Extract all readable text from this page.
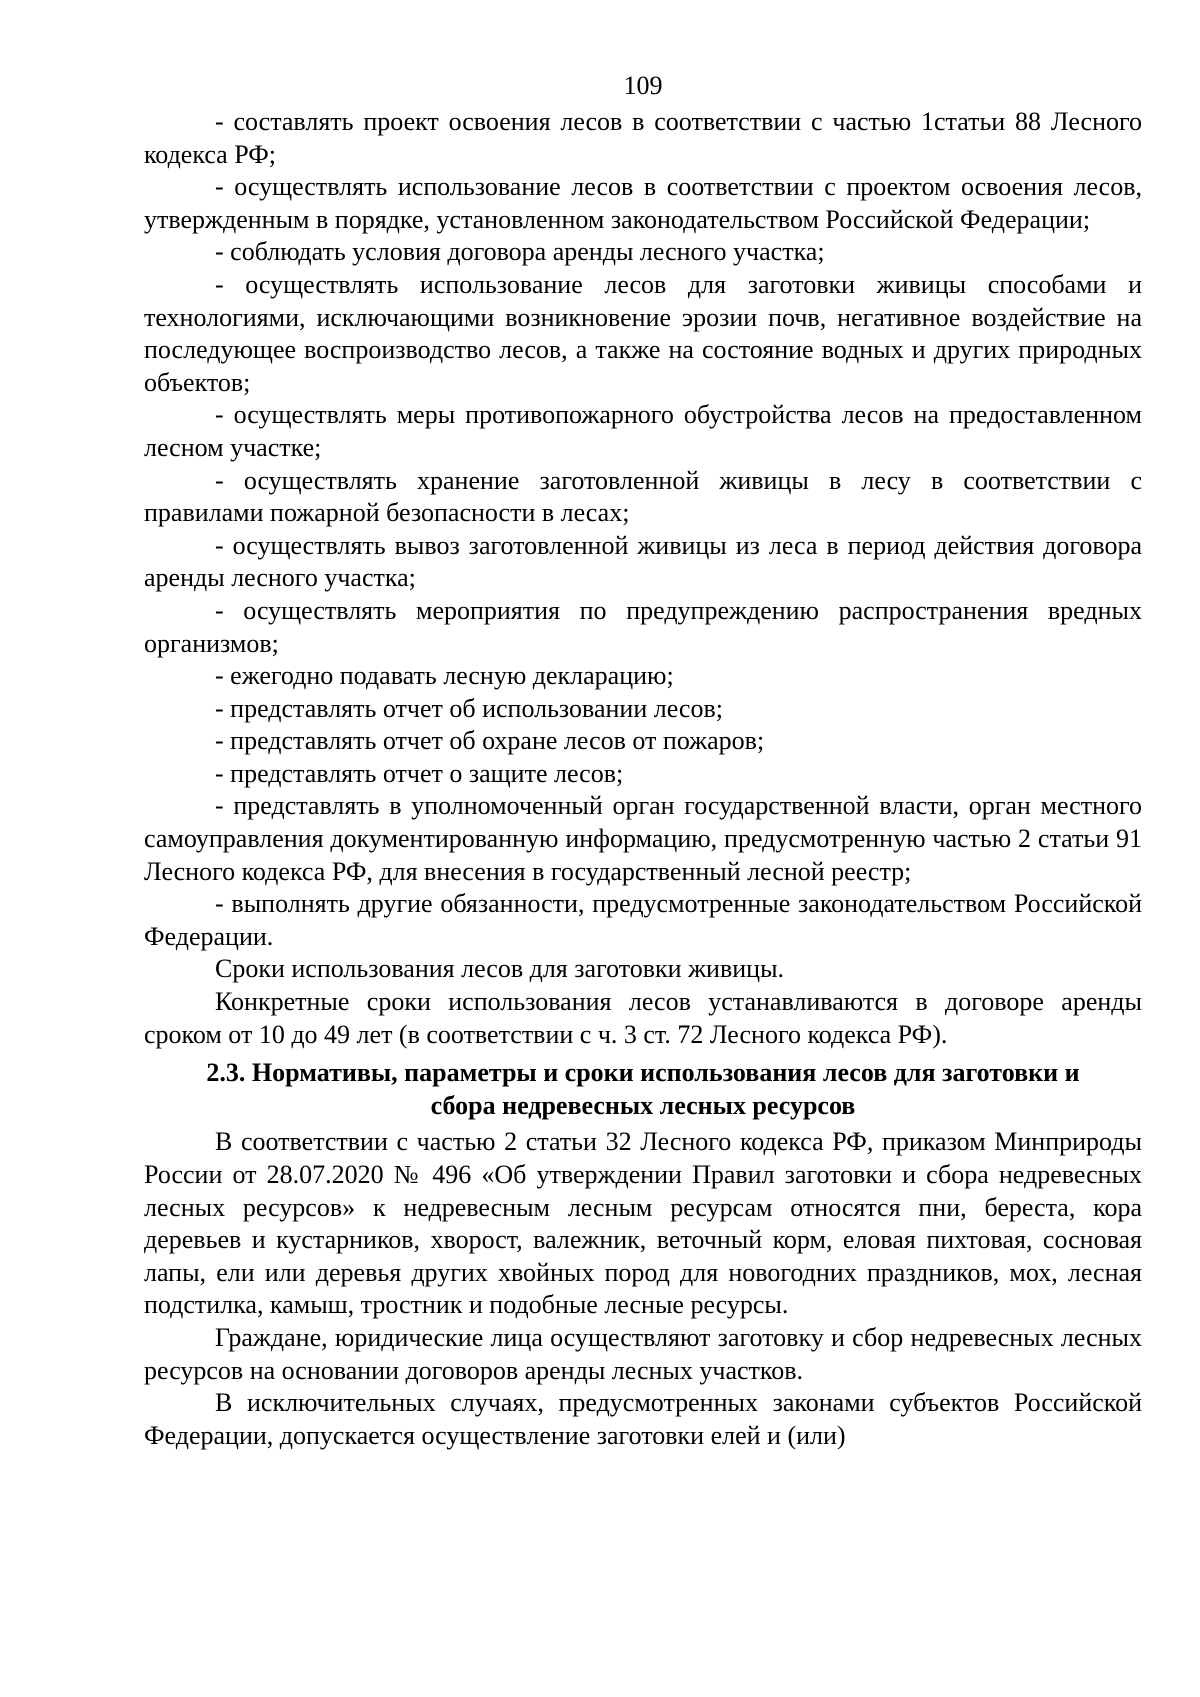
109

- составлять проект освоения лесов в соответствии с частью 1статьи 88 Лесного кодекса РФ;

- осуществлять использование лесов в соответствии с проектом освоения лесов, утвержденным в порядке, установленном законодательством Российской Федерации;

- соблюдать условия договора аренды лесного участка;

- осуществлять использование лесов для заготовки живицы способами и технологиями, исключающими возникновение эрозии почв, негативное воздействие на последующее воспроизводство лесов, а также на состояние водных и других природных объектов;

- осуществлять меры противопожарного обустройства лесов на предоставленном лесном участке;

- осуществлять хранение заготовленной живицы в лесу в соответствии с правилами пожарной безопасности в лесах;

- осуществлять вывоз заготовленной живицы из леса в период действия договора аренды лесного участка;

- осуществлять мероприятия по предупреждению распространения вредных организмов;

- ежегодно подавать лесную декларацию;

- представлять отчет об использовании лесов;

- представлять отчет об охране лесов от пожаров;

- представлять отчет о защите лесов;

- представлять в уполномоченный орган государственной власти, орган местного самоуправления документированную информацию, предусмотренную частью 2 статьи 91 Лесного кодекса РФ, для внесения в государственный лесной реестр;

- выполнять другие обязанности, предусмотренные законодательством Российской Федерации.

Сроки использования лесов для заготовки живицы.

Конкретные сроки использования лесов устанавливаются в договоре аренды сроком от 10 до 49 лет (в соответствии с ч. 3 ст. 72 Лесного кодекса РФ).

2.3. Нормативы, параметры и сроки использования лесов для заготовки и
сбора недревесных лесных ресурсов

В соответствии с частью 2 статьи 32 Лесного кодекса РФ, приказом Минприроды России от 28.07.2020 № 496 «Об утверждении Правил заготовки и сбора недревесных лесных ресурсов» к недревесным лесным ресурсам относятся пни, береста, кора деревьев и кустарников, хворост, валежник, веточный корм, еловая пихтовая, сосновая лапы, ели или деревья других хвойных пород для новогодних праздников, мох, лесная подстилка, камыш, тростник и подобные лесные ресурсы.

Граждане, юридические лица осуществляют заготовку и сбор недревесных лесных ресурсов на основании договоров аренды лесных участков.

В исключительных случаях, предусмотренных законами субъектов Российской Федерации, допускается осуществление заготовки елей и (или)
